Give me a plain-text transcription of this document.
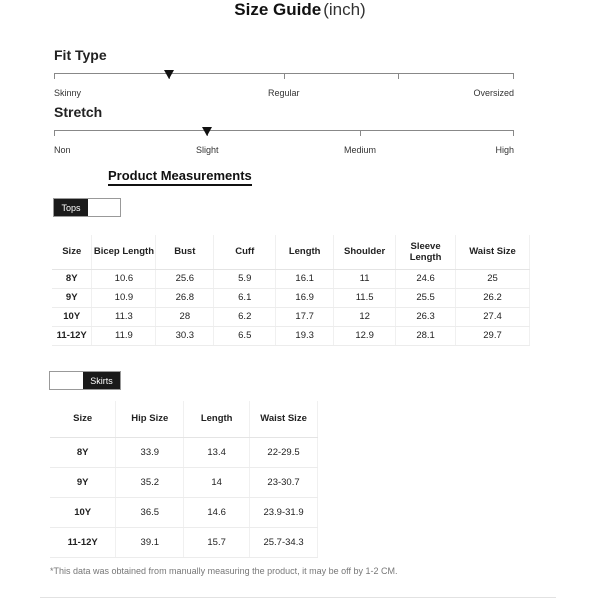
Size Guide (inch)
Fit Type
Skinny	Regular	Oversized
Stretch
Non	Slight	Medium	High
Product Measurements
Tops
Size	Bicep Length	Bust	Cuff	Length	Shoulder	Sleeve Length	Waist Size
8Y	10.6	25.6	5.9	16.1	11	24.6	25
9Y	10.9	26.8	6.1	16.9	11.5	25.5	26.2
10Y	11.3	28	6.2	17.7	12	26.3	27.4
11-12Y	11.9	30.3	6.5	19.3	12.9	28.1	29.7
Skirts
Size	Hip Size	Length	Waist Size
8Y	33.9	13.4	22-29.5
9Y	35.2	14	23-30.7
10Y	36.5	14.6	23.9-31.9
11-12Y	39.1	15.7	25.7-34.3
*This data was obtained from manually measuring the product, it may be off by 1-2 CM.
